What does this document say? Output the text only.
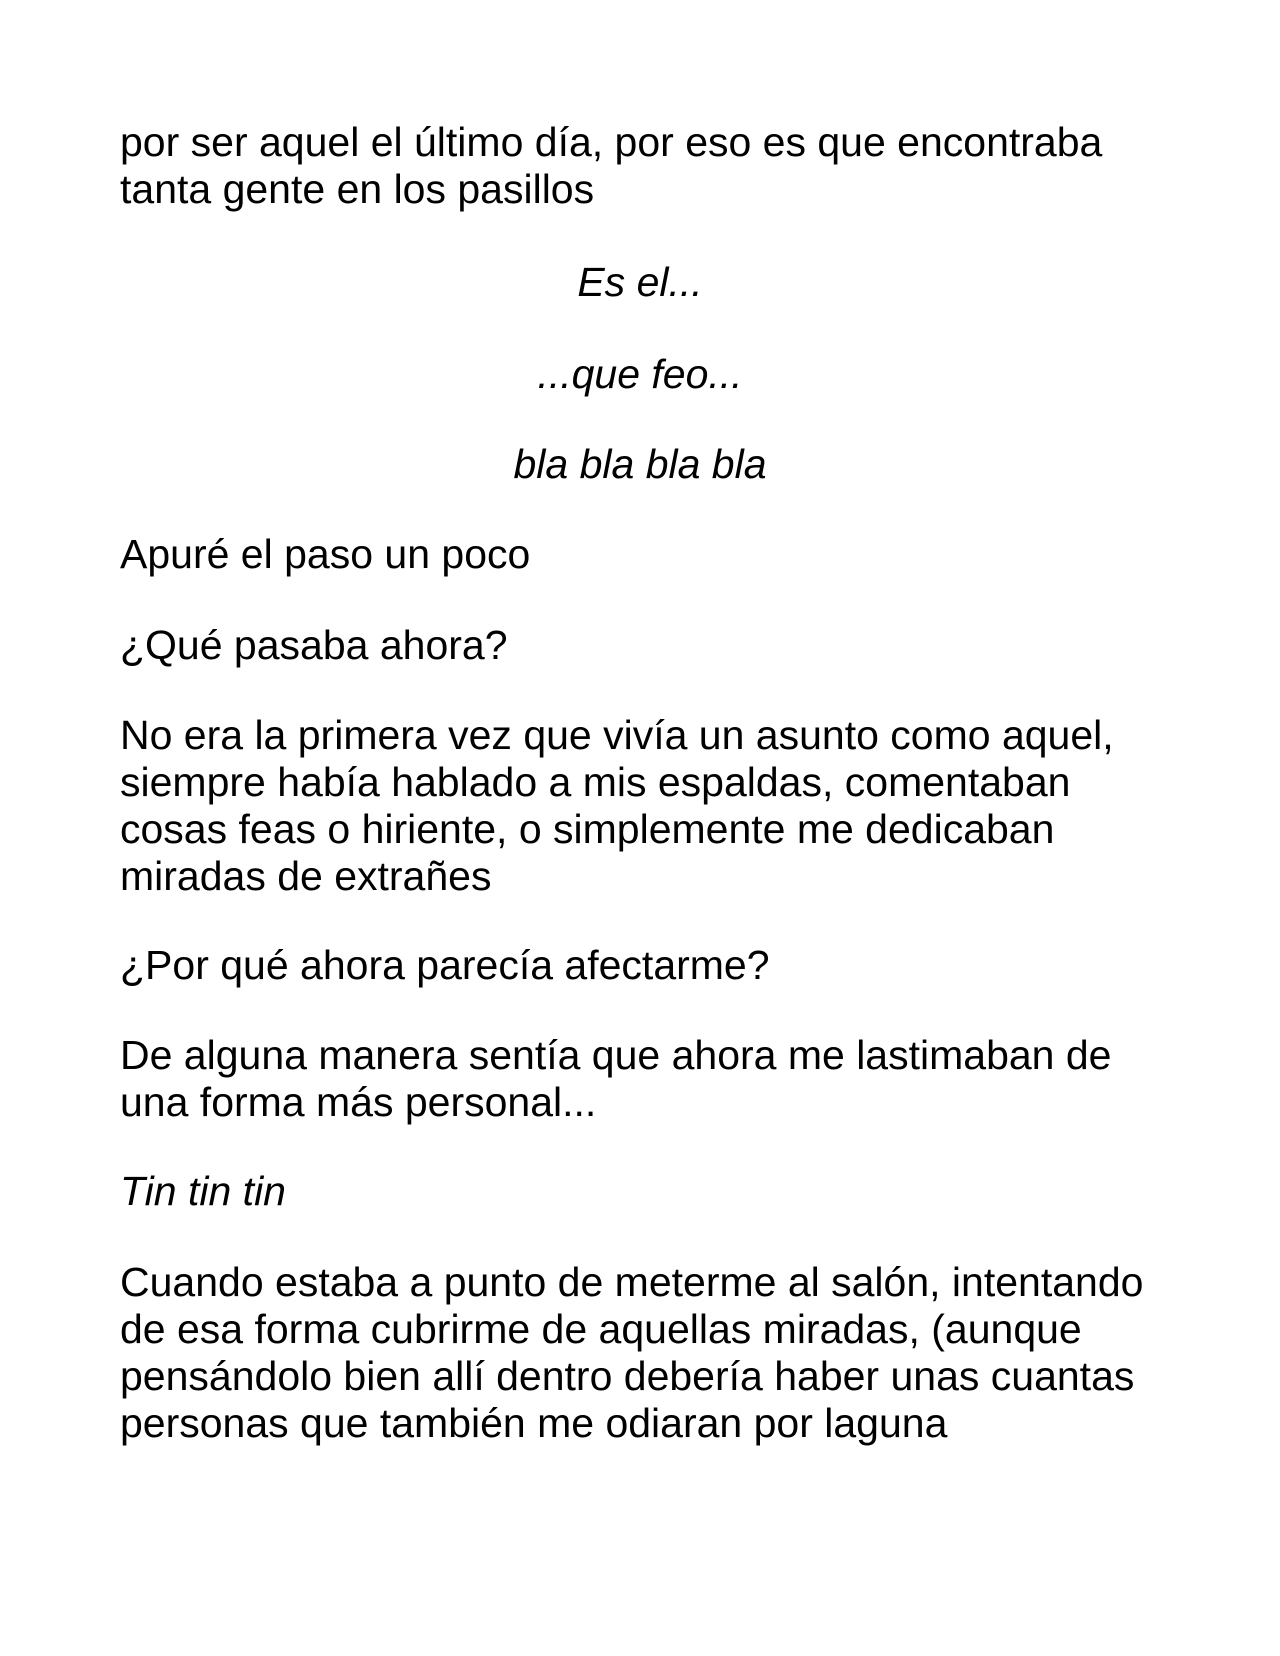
por ser aquel el último día, por eso es que encontraba tanta gente en los pasillos

Es el...

...que feo...

bla bla bla bla

Apuré el paso un poco

¿Qué pasaba ahora?

No era la primera vez que vivía un asunto como aquel, siempre había hablado a mis espaldas, comentaban cosas feas o hiriente, o simplemente me dedicaban miradas de extrañes

¿Por qué ahora parecía afectarme?

De alguna manera sentía que ahora me lastimaban de una forma más personal...

Tin tin tin

Cuando estaba a punto de meterme al salón, intentando de esa forma cubrirme de aquellas miradas, (aunque pensándolo bien allí dentro debería haber unas cuantas personas que también me odiaran por laguna
